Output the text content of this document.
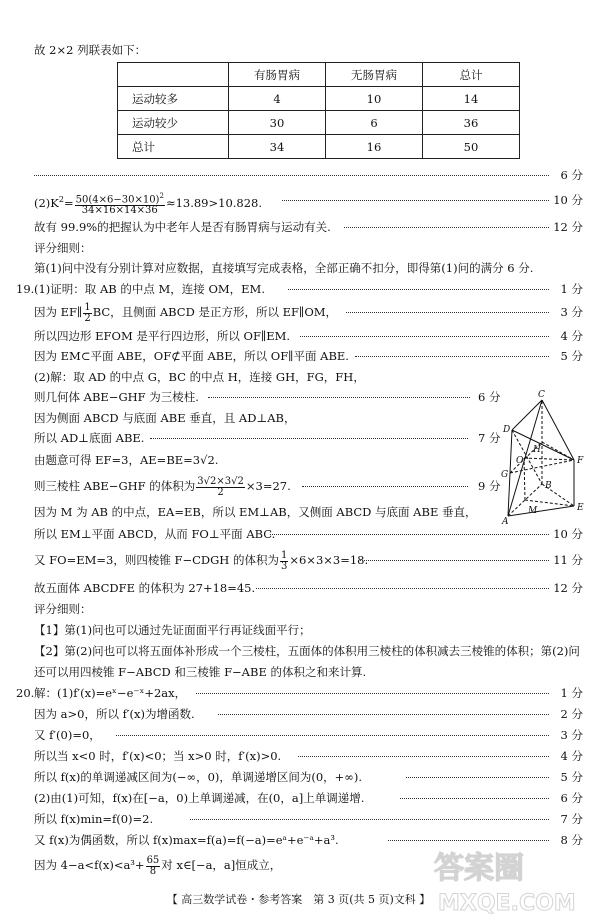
故 2×2 列联表如下：
	有肠胃病	无肠胃病	总计
运动较多	4	10	14
运动较少	30	6	36
总计	34	16	50
6 分
$(2)K^2= \frac{50(4\times 6-30\times 10)^2}{34\times 16\times 14\times 36} \approx 13.89>10.828$.	10 分
故有 99.9%的把握认为中老年人是否有肠胃病与运动有关.	12 分
评分细则：
第(1)问中没有分别计算对应数据，直接填写完成表格，全部正确不扣分，即得第(1)问的满分 6 分.
19. (1)证明：取 AB 的中点 M，连接 OM，EM.	1 分
因为 EF∥ $\frac{1}{2}$ BC，且侧面 ABCD 是正方形，所以 EF∥OM，	3 分
所以四边形 EFOM 是平行四边形，所以 OF∥EM.	4 分
因为 EM⊂平面 ABE，OF⊄平面 ABE，所以 OF∥平面 ABE.	5 分
(2)解：取 AD 的中点 G，BC 的中点 H，连接 GH，FG，FH，
则几何体 ABE−GHF 为三棱柱.	6 分
因为侧面 ABCD 与底面 ABE 垂直，且 AD⊥AB，
所以 AD⊥底面 ABE.	7 分
由题意可得 EF=3，AE=BE=3√2.
则三棱柱 ABE−GHF 的体积为 $\frac{3√2\times 3√2}{2} \times 3=27$.	9 分
因为 M 为 AB 的中点，EA=EB，所以 EM⊥AB，又侧面 ABCD 与底面 ABE 垂直，
所以 EM⊥平面 ABCD，从而 FO⊥平面 ABC.	10 分
又 FO=EM=3，则四棱锥 F−CDGH 的体积为 $\frac{1}{3} \times 6\times 3\times 3=18$.	11 分
故五面体 ABCDFE 的体积为 27+18=45.	12 分
评分细则：
【1】第(1)问也可以通过先证面面平行再证线面平行；
【2】第(2)问也可以将五面体补形成一个三棱柱，五面体的体积用三棱柱的体积减去三棱锥的体积；第(2)问
还可以用四棱锥 F−ABCD 和三棱锥 F−ABE 的体积之和来计算.
20. 解：(1)f′(x)=eˣ−e⁻ˣ+2ax，	1 分
因为 a>0，所以 f′(x)为增函数.	2 分
又 f′(0)=0，	3 分
所以当 x<0 时，f′(x)<0；当 x>0 时，f′(x)>0.	4 分
所以 f(x)的单调递减区间为(−∞，0)，单调递增区间为(0，+∞).	5 分
(2)由(1)可知，f(x)在[−a，0)上单调递减，在(0，a]上单调递增.	6 分
所以 f(x)min=f(0)=2.	7 分
又 f(x)为偶函数，所以 f(x)max=f(a)=f(−a)=eᵃ+e⁻ᵃ+a³.	8 分
因为 $4-a<f(x)<a^3+ \frac{65}{8}$ 对 x∈[−a，a]恒成立，
C
D
H
O
G
F
B
M
A
E
答案圈
MXQE.COM
【 高三数学试卷・参考答案　第 3 页(共 5 页)文科 】
